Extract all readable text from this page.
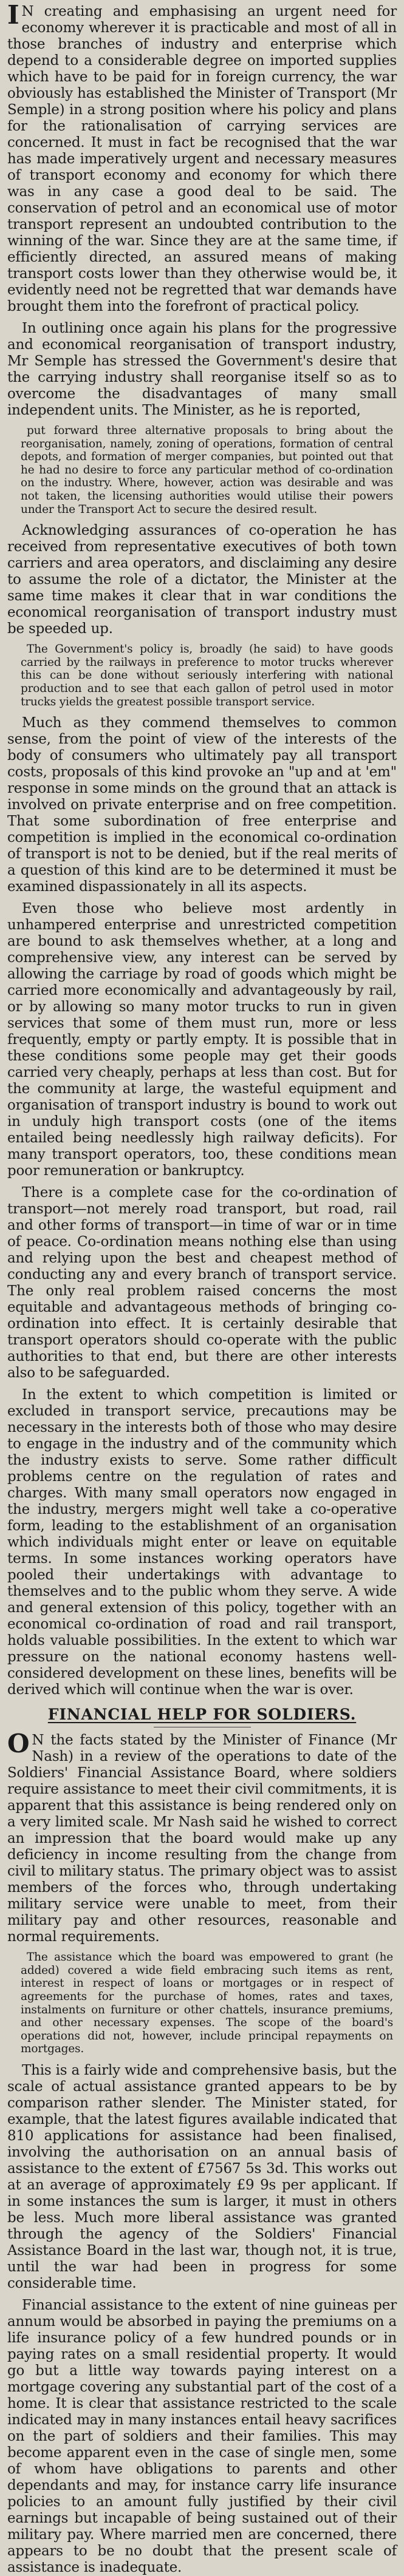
I N creating and emphasising an urgent need for economy wherever it is practicable and most of all in those branches of industry and enterprise which depend to a considerable degree on imported supplies which have to be paid for in foreign currency, the war obviously has established the Minister of Transport (Mr Semple) in a strong position where his policy and plans for the rationalisation of carrying services are concerned. It must in fact be recognised that the war has made imperatively urgent and necessary measures of transport economy and economy for which there was in any case a good deal to be said. The conservation of petrol and an economical use of motor transport represent an undoubted contribution to the winning of the war. Since they are at the same time, if efficiently directed, an assured means of making transport costs lower than they otherwise would be, it evidently need not be regretted that war demands have brought them into the forefront of practical policy.

In outlining once again his plans for the progressive and economical reorganisation of transport industry, Mr Semple has stressed the Government's desire that the carrying industry shall reorganise itself so as to overcome the disadvantages of many small independent units. The Minister, as he is reported,

put forward three alternative proposals to bring about the reorganisation, namely, zoning of operations, formation of central depots, and formation of merger companies, but pointed out that he had no desire to force any particular method of co-ordination on the industry. Where, however, action was desirable and was not taken, the licensing authorities would utilise their powers under the Transport Act to secure the desired result.

Acknowledging assurances of co-operation he has received from representative executives of both town carriers and area operators, and disclaiming any desire to assume the role of a dictator, the Minister at the same time makes it clear that in war conditions the economical reorganisation of transport industry must be speeded up.

The Government's policy is, broadly (he said) to have goods carried by the railways in preference to motor trucks wherever this can be done without seriously interfering with national production and to see that each gallon of petrol used in motor trucks yields the greatest possible transport service.

Much as they commend themselves to common sense, from the point of view of the interests of the body of consumers who ultimately pay all transport costs, proposals of this kind provoke an "up and at 'em" response in some minds on the ground that an attack is involved on private enterprise and on free competition. That some subordination of free enterprise and competition is implied in the economical co-ordination of transport is not to be denied, but if the real merits of a question of this kind are to be determined it must be examined dispassionately in all its aspects.

Even those who believe most ardently in unhampered enterprise and unrestricted competition are bound to ask themselves whether, at a long and comprehensive view, any interest can be served by allowing the carriage by road of goods which might be carried more economically and advantageously by rail, or by allowing so many motor trucks to run in given services that some of them must run, more or less frequently, empty or partly empty. It is possible that in these conditions some people may get their goods carried very cheaply, perhaps at less than cost. But for the community at large, the wasteful equipment and organisation of transport industry is bound to work out in unduly high transport costs (one of the items entailed being needlessly high railway deficits). For many transport operators, too, these conditions mean poor remuneration or bankruptcy.

There is a complete case for the co-ordination of transport—not merely road transport, but road, rail and other forms of transport—in time of war or in time of peace. Co-ordination means nothing else than using and relying upon the best and cheapest method of conducting any and every branch of transport service. The only real problem raised concerns the most equitable and advantageous methods of bringing co-ordination into effect. It is certainly desirable that transport operators should co-operate with the public authorities to that end, but there are other interests also to be safeguarded.

In the extent to which competition is limited or excluded in transport service, precautions may be necessary in the interests both of those who may desire to engage in the industry and of the community which the industry exists to serve. Some rather difficult problems centre on the regulation of rates and charges. With many small operators now engaged in the industry, mergers might well take a co-operative form, leading to the establishment of an organisation which individuals might enter or leave on equitable terms. In some instances working operators have pooled their undertakings with advantage to themselves and to the public whom they serve. A wide and general extension of this policy, together with an economical co-ordination of road and rail transport, holds valuable possibilities. In the extent to which war pressure on the national economy hastens well-considered development on these lines, benefits will be derived which will continue when the war is over.

FINANCIAL HELP FOR SOLDIERS.

O N the facts stated by the Minister of Finance (Mr Nash) in a review of the operations to date of the Soldiers' Financial Assistance Board, where soldiers require assistance to meet their civil commitments, it is apparent that this assistance is being rendered only on a very limited scale. Mr Nash said he wished to correct an impression that the board would make up any deficiency in income resulting from the change from civil to military status. The primary object was to assist members of the forces who, through undertaking military service were unable to meet, from their military pay and other resources, reasonable and normal requirements.

The assistance which the board was empowered to grant (he added) covered a wide field embracing such items as rent, interest in respect of loans or mortgages or in respect of agreements for the purchase of homes, rates and taxes, instalments on furniture or other chattels, insurance premiums, and other necessary expenses. The scope of the board's operations did not, however, include principal repayments on mortgages.

This is a fairly wide and comprehensive basis, but the scale of actual assistance granted appears to be by comparison rather slender. The Minister stated, for example, that the latest figures available indicated that 810 applications for assistance had been finalised, involving the authorisation on an annual basis of assistance to the extent of £7567 5s 3d. This works out at an average of approximately £9 9s per applicant. If in some instances the sum is larger, it must in others be less. Much more liberal assistance was granted through the agency of the Soldiers' Financial Assistance Board in the last war, though not, it is true, until the war had been in progress for some considerable time.

Financial assistance to the extent of nine guineas per annum would be absorbed in paying the premiums on a life insurance policy of a few hundred pounds or in paying rates on a small residential property. It would go but a little way towards paying interest on a mortgage covering any substantial part of the cost of a home. It is clear that assistance restricted to the scale indicated may in many instances entail heavy sacrifices on the part of soldiers and their families. This may become apparent even in the case of single men, some of whom have obligations to parents and other dependants and may, for instance carry life insurance policies to an amount fully justified by their civil earnings but incapable of being sustained out of their military pay. Where married men are concerned, there appears to be no doubt that the present scale of assistance is inadequate.
